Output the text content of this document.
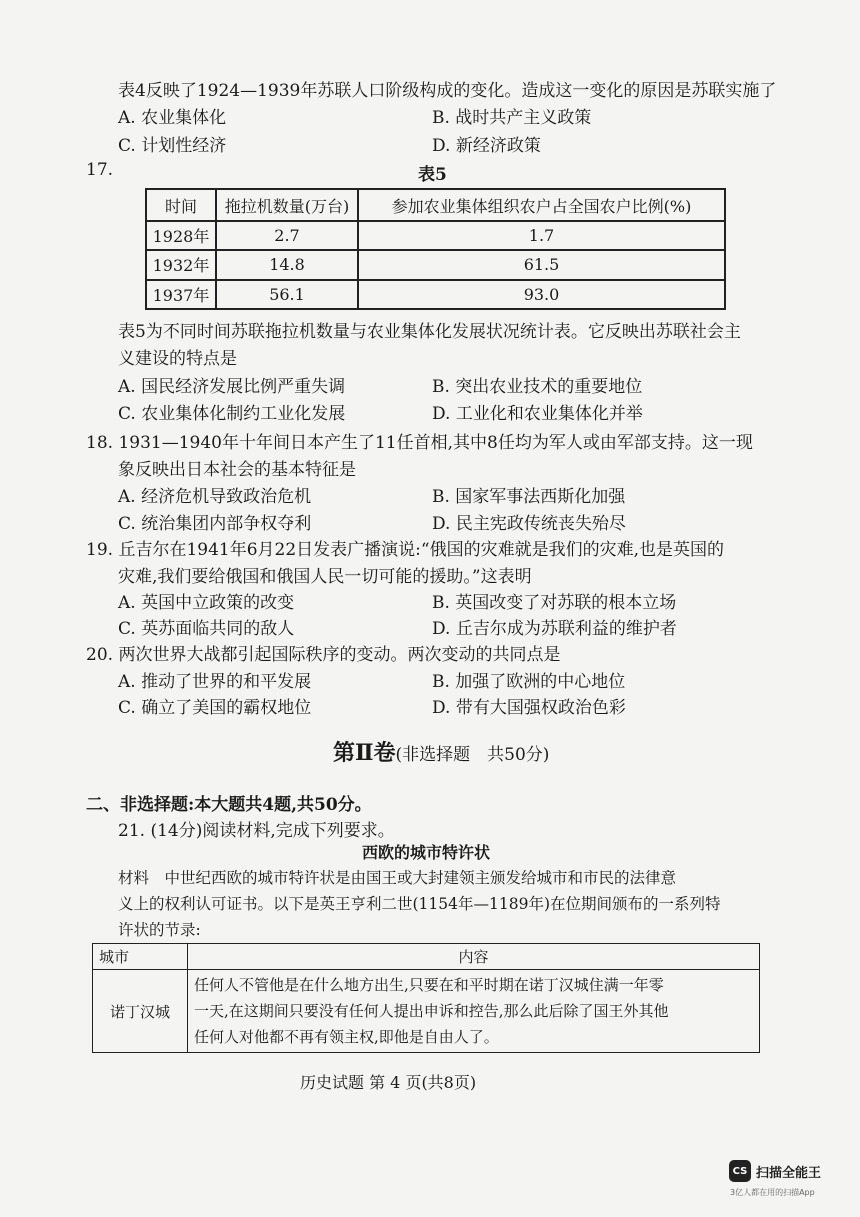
表4反映了1924—1939年苏联人口阶级构成的变化。造成这一变化的原因是苏联实施了
A. 农业集体化	B. 战时共产主义政策
C. 计划性经济	D. 新经济政策
17.	表5
时间	拖拉机数量(万台)	参加农业集体组织农户占全国农户比例(%)
1928年	2.7	1.7
1932年	14.8	61.5
1937年	56.1	93.0
表5为不同时间苏联拖拉机数量与农业集体化发展状况统计表。它反映出苏联社会主
义建设的特点是
A. 国民经济发展比例严重失调	B. 突出农业技术的重要地位
C. 农业集体化制约工业化发展	D. 工业化和农业集体化并举
18. 1931—1940年十年间日本产生了11任首相,其中8任均为军人或由军部支持。这一现
象反映出日本社会的基本特征是
A. 经济危机导致政治危机	B. 国家军事法西斯化加强
C. 统治集团内部争权夺利	D. 民主宪政传统丧失殆尽
19. 丘吉尔在1941年6月22日发表广播演说:“俄国的灾难就是我们的灾难,也是英国的
灾难,我们要给俄国和俄国人民一切可能的援助。”这表明
A. 英国中立政策的改变	B. 英国改变了对苏联的根本立场
C. 英苏面临共同的敌人	D. 丘吉尔成为苏联利益的维护者
20. 两次世界大战都引起国际秩序的变动。两次变动的共同点是
A. 推动了世界的和平发展	B. 加强了欧洲的中心地位
C. 确立了美国的霸权地位	D. 带有大国强权政治色彩
第Ⅱ卷(非选择题　共50分)
二、非选择题:本大题共4题,共50分。
21. (14分)阅读材料,完成下列要求。
西欧的城市特许状
材料　中世纪西欧的城市特许状是由国王或大封建领主颁发给城市和市民的法律意
义上的权利认可证书。以下是英王亨利二世(1154年—1189年)在位期间颁布的一系列特
许状的节录:
城市	内容
诺丁汉城	任何人不管他是在什么地方出生,只要在和平时期在诺丁汉城住满一年零
一天,在这期间只要没有任何人提出申诉和控告,那么此后除了国王外其他
任何人对他都不再有领主权,即他是自由人了。
历史试题 第 4 页(共8页)
CS 扫描全能王
3亿人都在用的扫描App
